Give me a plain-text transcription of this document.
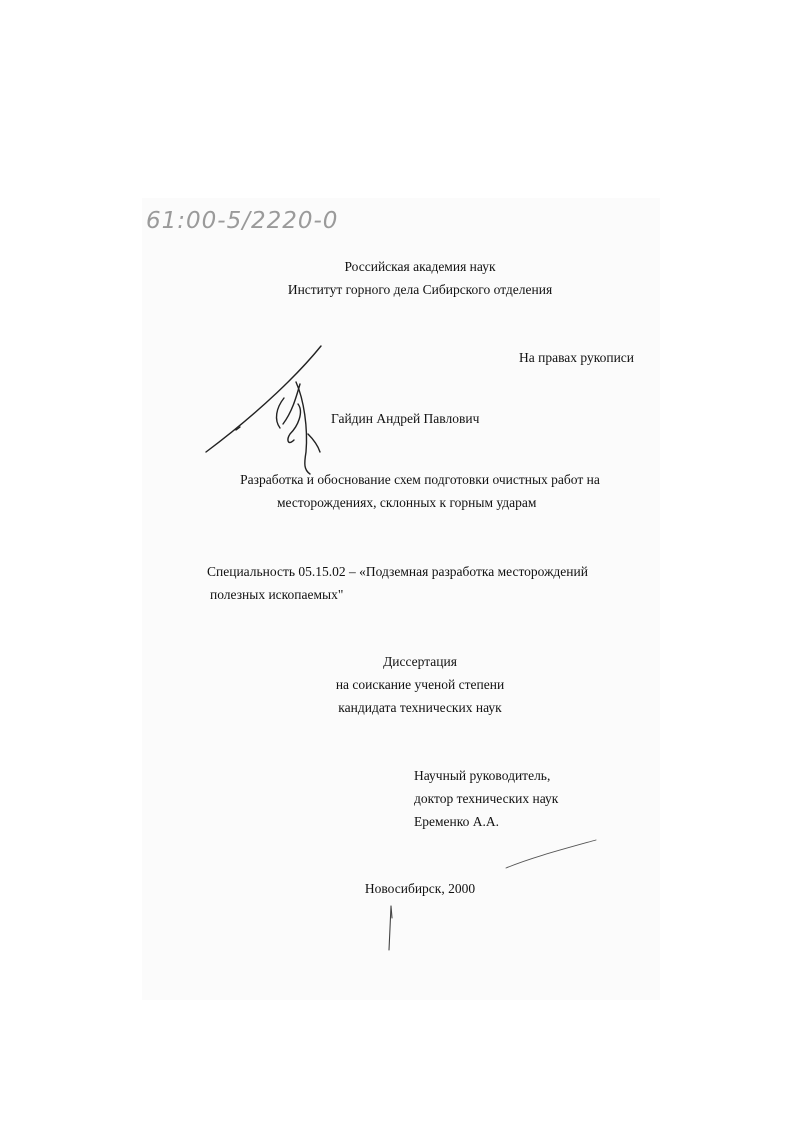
61:00-5/2220-0
Российская академия наук
Институт горного дела Сибирского отделения
На правах рукописи
Гайдин Андрей Павлович
Разработка и обоснование схем подготовки очистных работ на
месторождениях, склонных к горным ударам
Специальность 05.15.02 – «Подземная разработка месторождений
полезных ископаемых"
Диссертация
на соискание ученой степени
кандидата технических наук
Научный руководитель,
доктор технических наук
Еременко А.А.
Новосибирск, 2000
